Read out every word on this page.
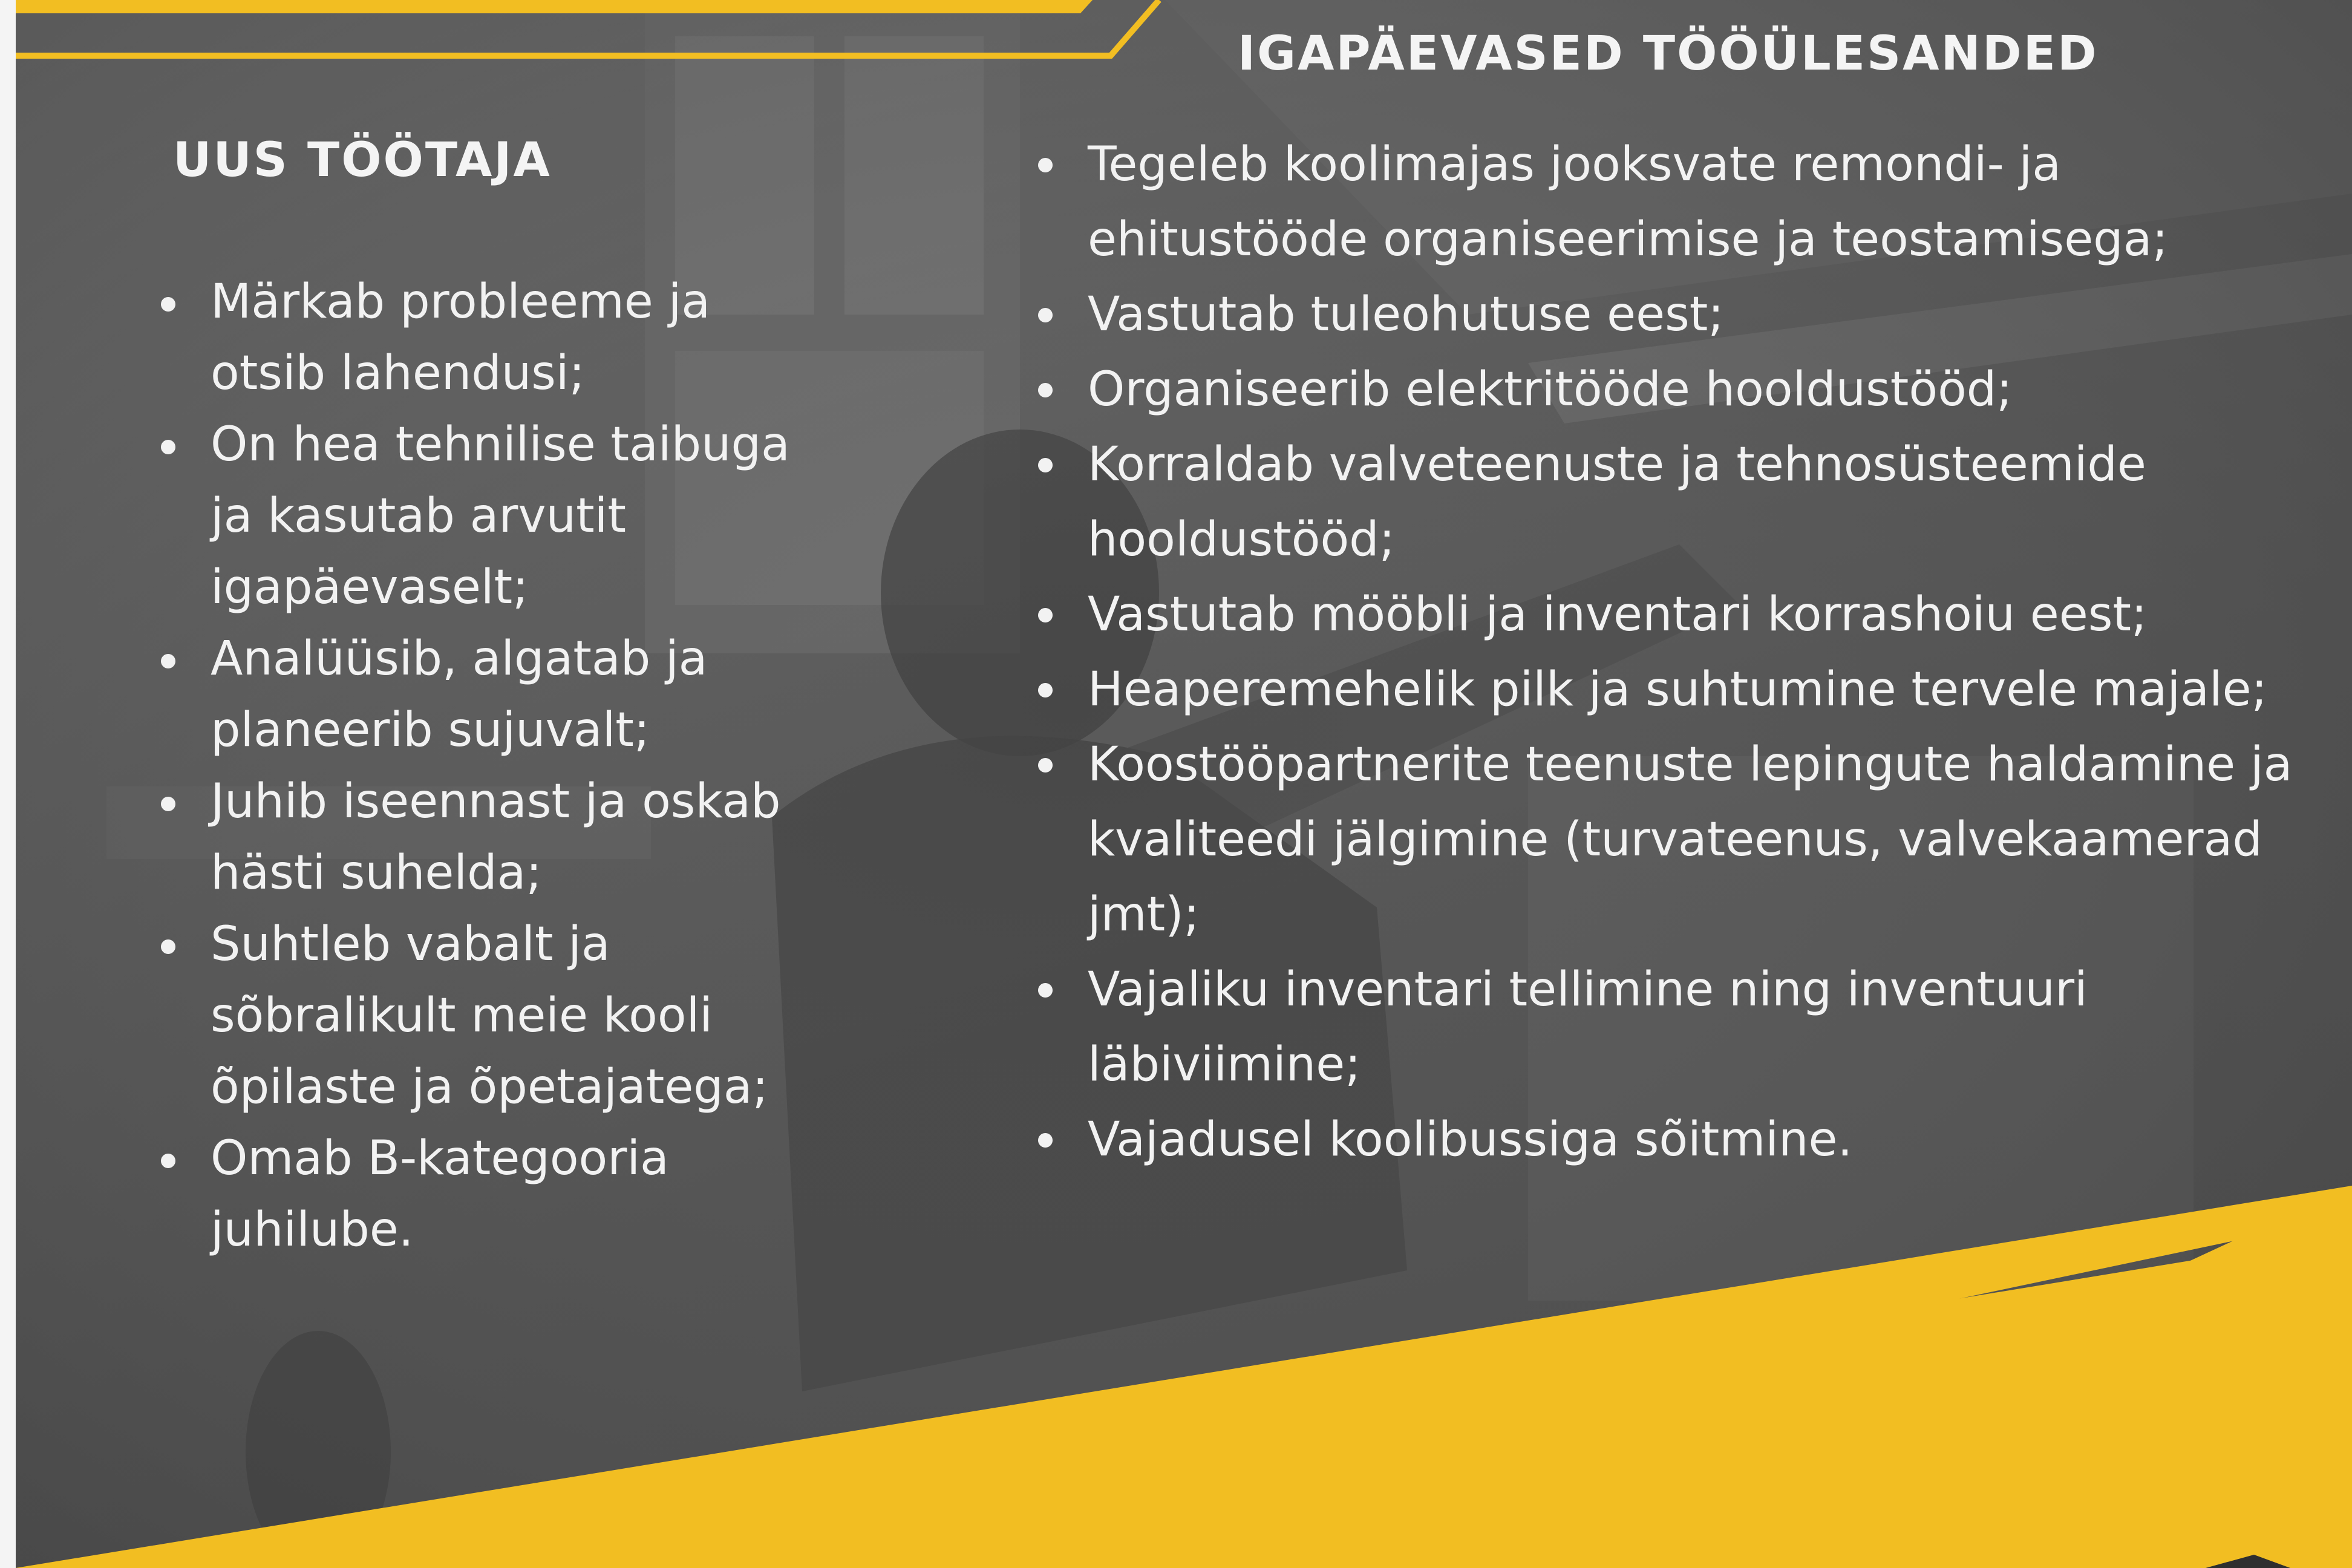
UUS TÖÖTAJA
IGAPÄEVASED TÖÖÜLESANDED
Märkab probleeme ja otsib lahendusi;
On hea tehnilise taibuga ja kasutab arvutit igapäevaselt;
Analüüsib, algatab ja planeerib sujuvalt;
Juhib iseennast ja oskab hästi suhelda;
Suhtleb vabalt ja sõbralikult meie kooli õpilaste ja õpetajatega;
Omab B-kategooria juhilube.
Tegeleb koolimajas jooksvate remondi- ja ehitustööde organiseerimise ja teostamisega;
Vastutab tuleohutuse eest;
Organiseerib elektritööde hooldustööd;
Korraldab valveteenuste ja tehnosüsteemide hooldustööd;
Vastutab mööbli ja inventari korrashoiu eest;
Heaperemehelik pilk ja suhtumine tervele majale;
Koostööpartnerite teenuste lepingute haldamine ja kvaliteedi jälgimine (turvateenus, valvekaamerad jmt);
Vajaliku inventari tellimine ning inventuuri läbiviimine;
Vajadusel koolibussiga sõitmine.
